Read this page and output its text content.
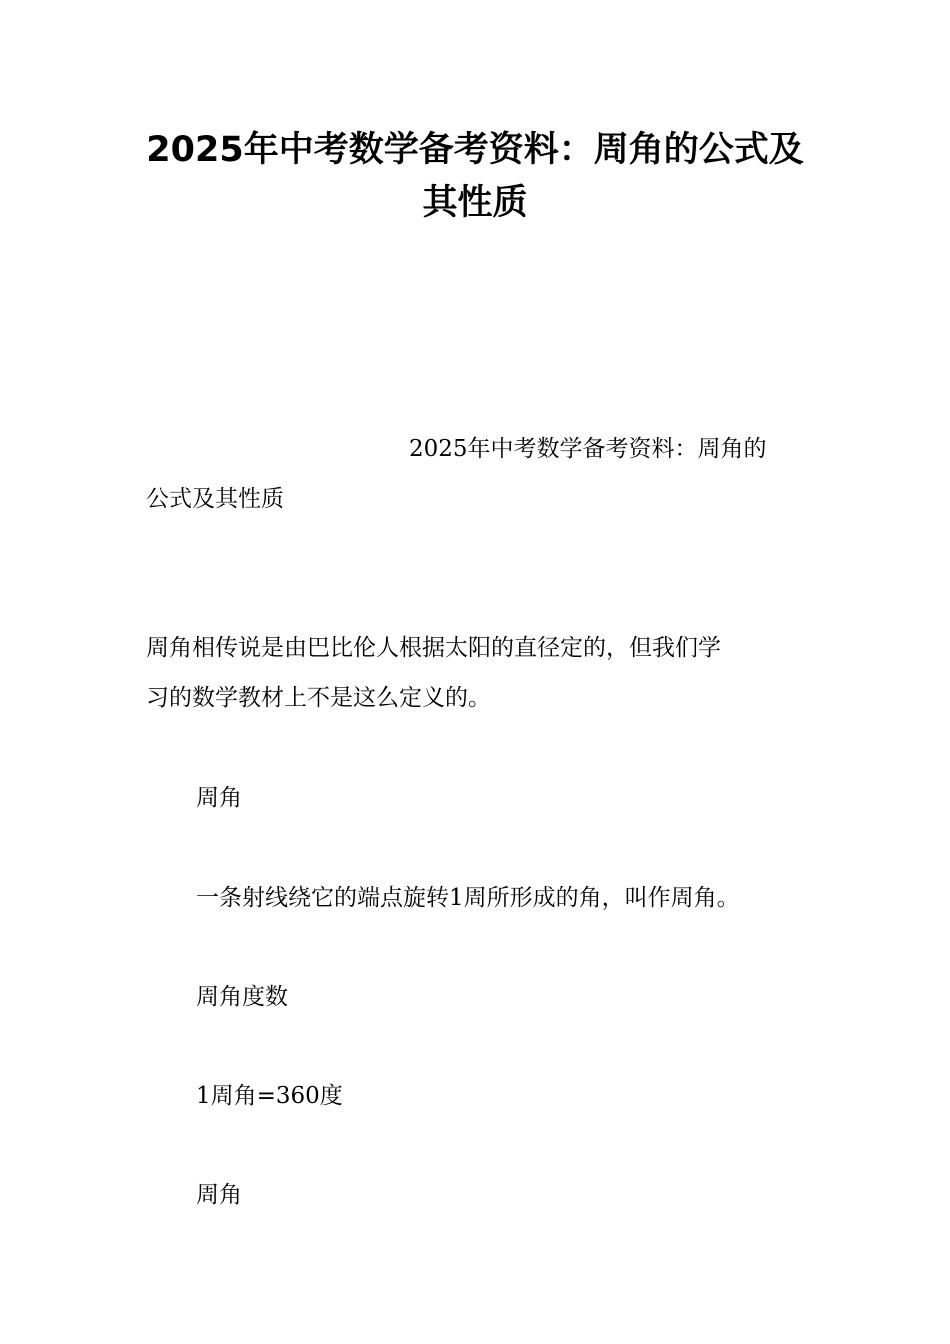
2025年中考数学备考资料：周角的公式及
其性质

2025年中考数学备考资料：周角的

公式及其性质

周角相传说是由巴比伦人根据太阳的直径定的，但我们学

习的数学教材上不是这么定义的。

周角

一条射线绕它的端点旋转1周所形成的角，叫作周角。

周角度数

1周角=360度

周角
